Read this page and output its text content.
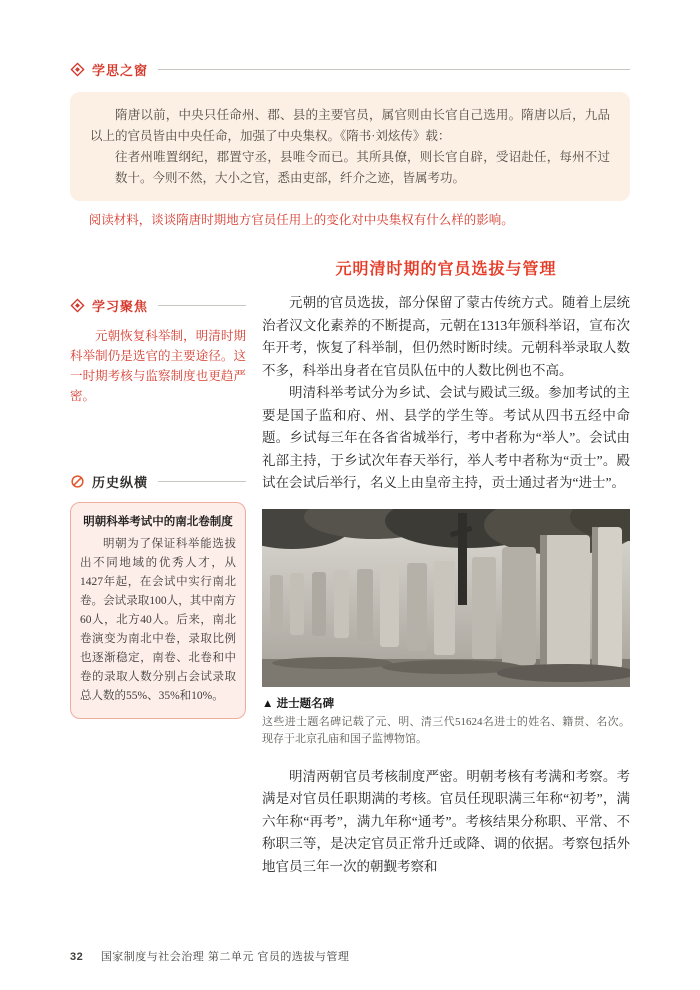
学思之窗

隋唐以前，中央只任命州、郡、县的主要官员，属官则由长官自己选用。隋唐以后，九品以上的官员皆由中央任命，加强了中央集权。《隋书·刘炫传》载：

往者州唯置纲纪，郡置守丞，县唯令而已。其所具僚，则长官自辟，受诏赴任，每州不过数十。今则不然，大小之官，悉由吏部，纤介之迹，皆属考功。

阅读材料，谈谈隋唐时期地方官员任用上的变化对中央集权有什么样的影响。

学习聚焦

元朝恢复科举制，明清时期科举制仍是选官的主要途径。这一时期考核与监察制度也更趋严密。

历史纵横

明朝科举考试中的南北卷制度

明朝为了保证科举能选拔出不同地域的优秀人才，从1427年起，在会试中实行南北卷。会试录取100人，其中南方60人，北方40人。后来，南北卷演变为南北中卷，录取比例也逐渐稳定，南卷、北卷和中卷的录取人数分别占会试录取总人数的55%、35%和10%。

元明清时期的官员选拔与管理

元朝的官员选拔，部分保留了蒙古传统方式。随着上层统治者汉文化素养的不断提高，元朝在1313年颁科举诏，宣布次年开考，恢复了科举制，但仍然时断时续。元朝科举录取人数不多，科举出身者在官员队伍中的人数比例也不高。

明清科举考试分为乡试、会试与殿试三级。参加考试的主要是国子监和府、州、县学的学生等。考试从四书五经中命题。乡试每三年在各省省城举行，考中者称为“举人”。会试由礼部主持，于乡试次年春天举行，举人考中者称为“贡士”。殿试在会试后举行，名义上由皇帝主持，贡士通过者为“进士”。

▲ 进士题名碑

这些进士题名碑记载了元、明、清三代51624名进士的姓名、籍贯、名次。现存于北京孔庙和国子监博物馆。

明清两朝官员考核制度严密。明朝考核有考满和考察。考满是对官员任职期满的考核。官员任现职满三年称“初考”，满六年称“再考”，满九年称“通考”。考核结果分称职、平常、不称职三等，是决定官员正常升迁或降、调的依据。考察包括外地官员三年一次的朝觐考察和

32 国家制度与社会治理 第二单元 官员的选拔与管理
